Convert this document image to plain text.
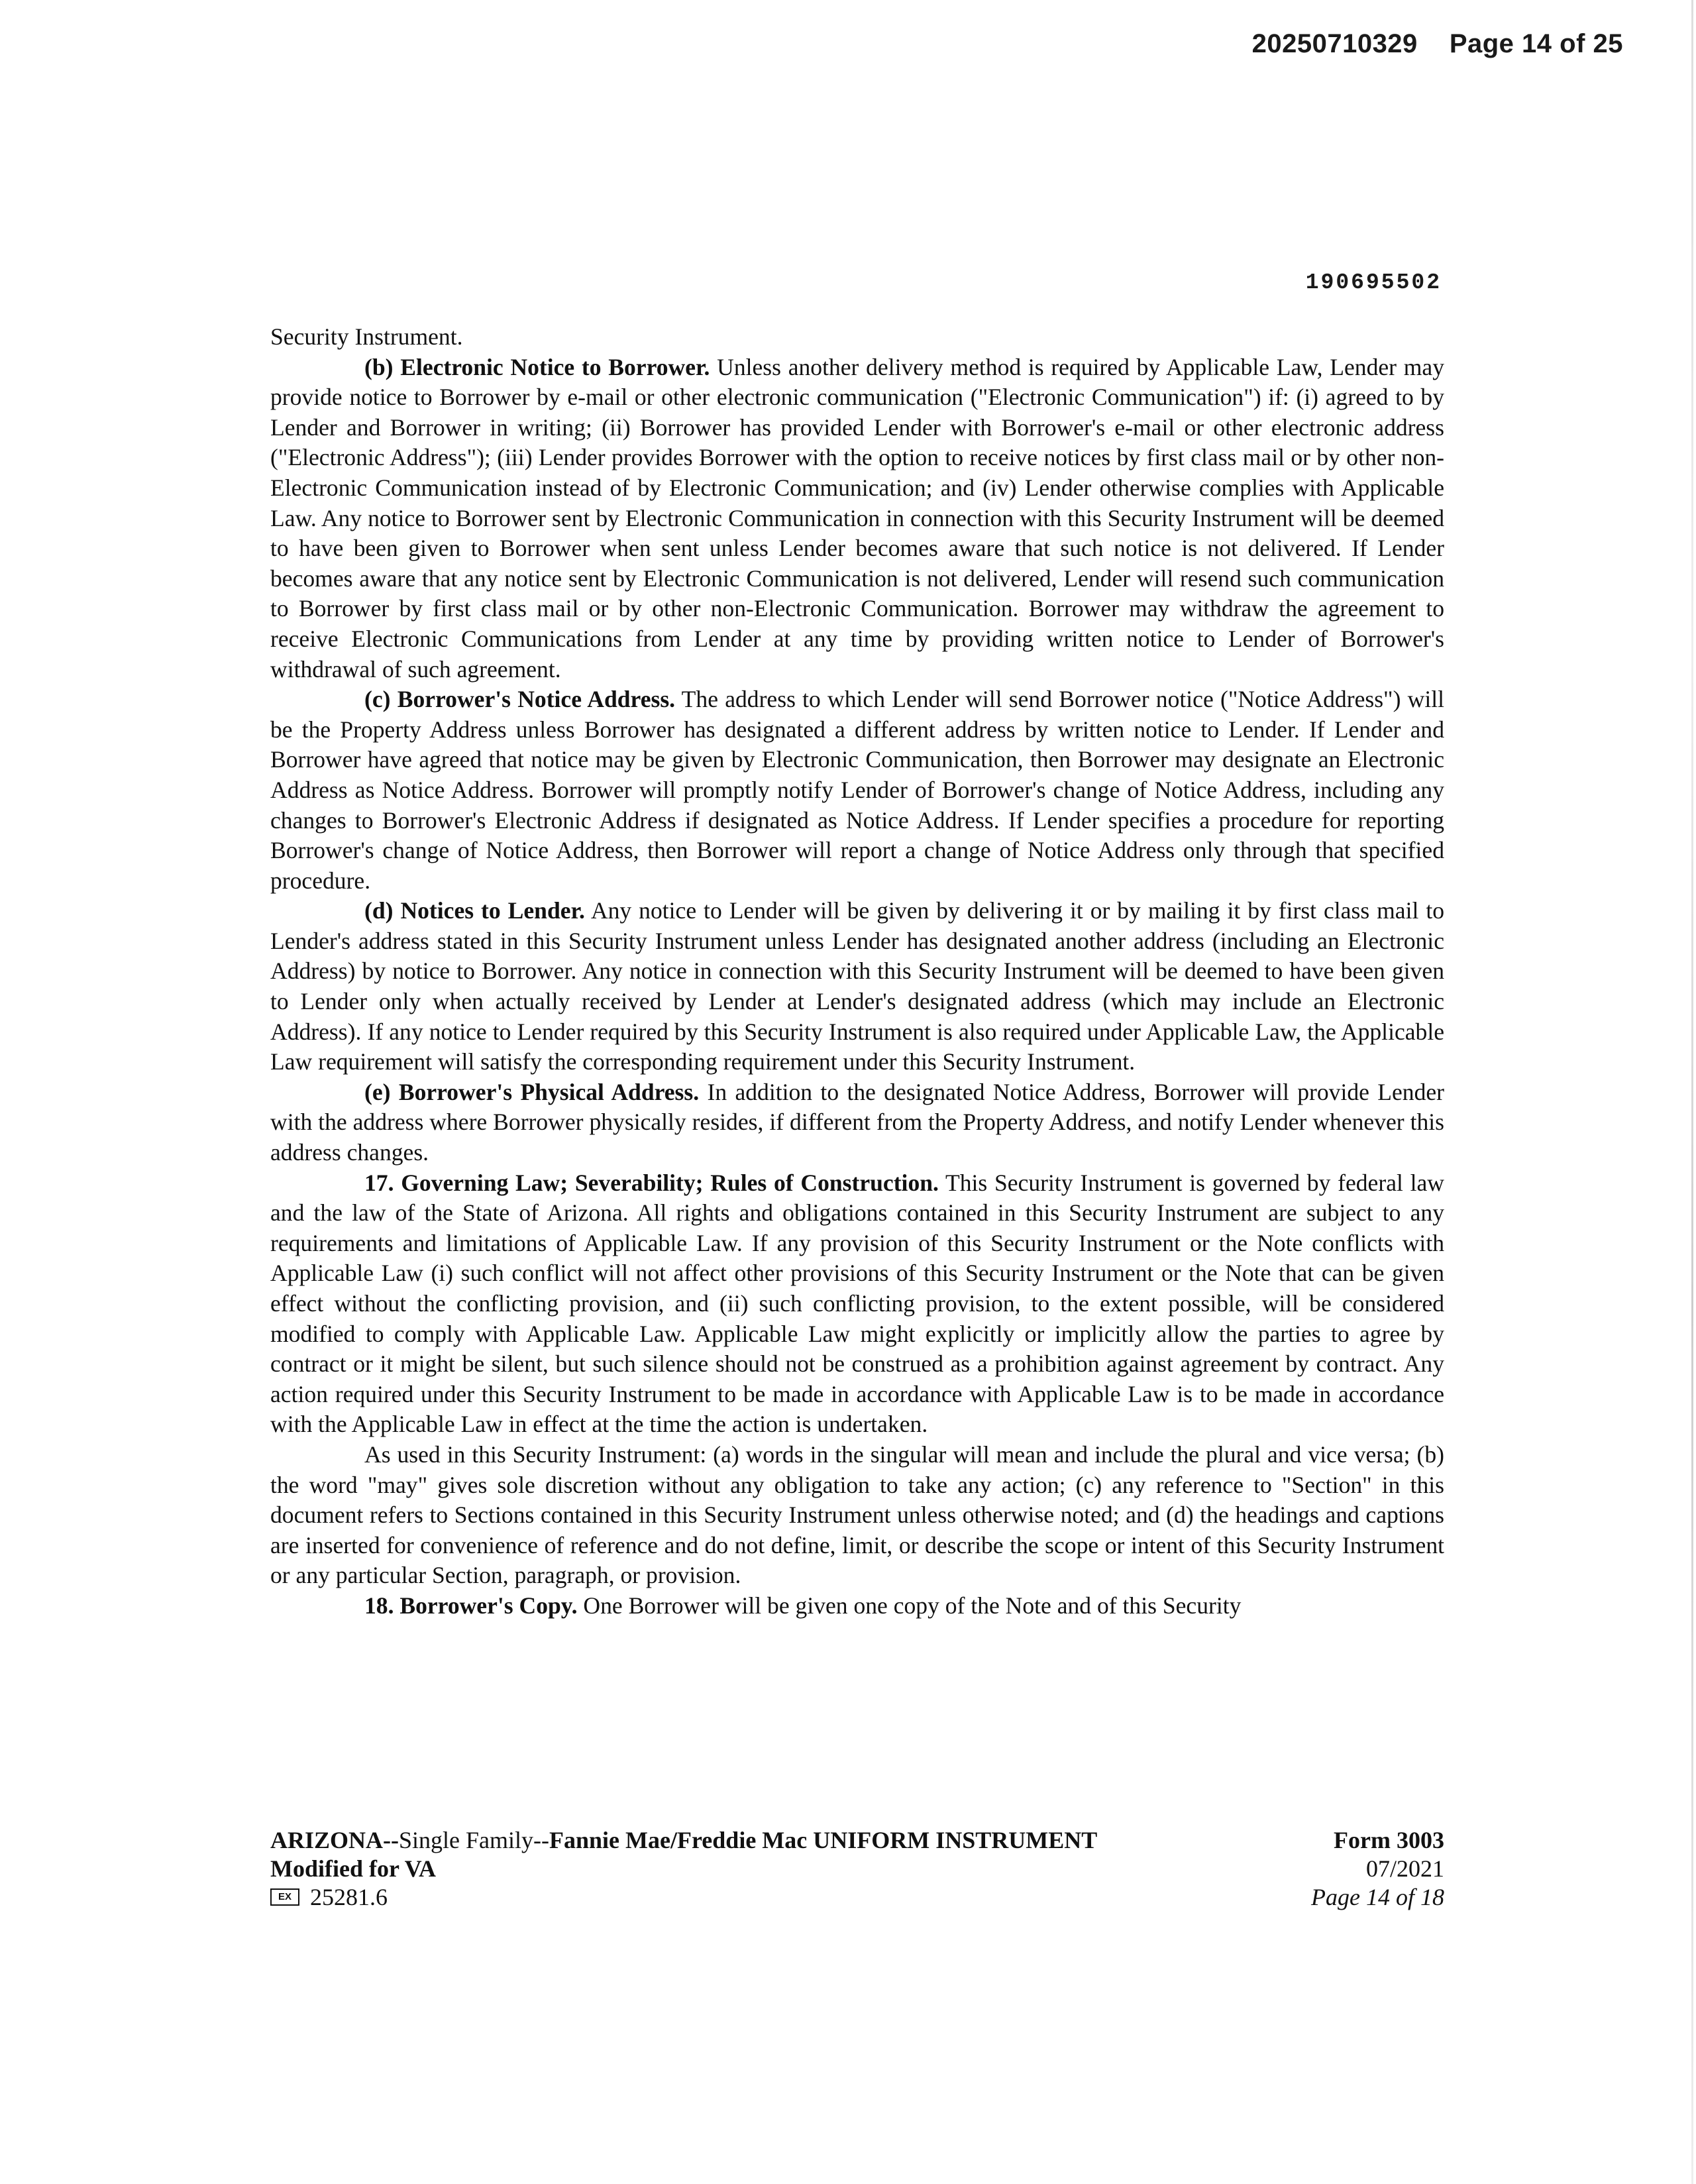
20250710329 Page 14 of 25
190695502

Security Instrument.

(b) Electronic Notice to Borrower. Unless another delivery method is required by Applicable Law, Lender may provide notice to Borrower by e-mail or other electronic communication ("Electronic Communication") if: (i) agreed to by Lender and Borrower in writing; (ii) Borrower has provided Lender with Borrower's e-mail or other electronic address ("Electronic Address"); (iii) Lender provides Borrower with the option to receive notices by first class mail or by other non-Electronic Communication instead of by Electronic Communication; and (iv) Lender otherwise complies with Applicable Law. Any notice to Borrower sent by Electronic Communication in connection with this Security Instrument will be deemed to have been given to Borrower when sent unless Lender becomes aware that such notice is not delivered. If Lender becomes aware that any notice sent by Electronic Communication is not delivered, Lender will resend such communication to Borrower by first class mail or by other non-Electronic Communication. Borrower may withdraw the agreement to receive Electronic Communications from Lender at any time by providing written notice to Lender of Borrower's withdrawal of such agreement.

(c) Borrower's Notice Address. The address to which Lender will send Borrower notice ("Notice Address") will be the Property Address unless Borrower has designated a different address by written notice to Lender. If Lender and Borrower have agreed that notice may be given by Electronic Communication, then Borrower may designate an Electronic Address as Notice Address. Borrower will promptly notify Lender of Borrower's change of Notice Address, including any changes to Borrower's Electronic Address if designated as Notice Address. If Lender specifies a procedure for reporting Borrower's change of Notice Address, then Borrower will report a change of Notice Address only through that specified procedure.

(d) Notices to Lender. Any notice to Lender will be given by delivering it or by mailing it by first class mail to Lender's address stated in this Security Instrument unless Lender has designated another address (including an Electronic Address) by notice to Borrower. Any notice in connection with this Security Instrument will be deemed to have been given to Lender only when actually received by Lender at Lender's designated address (which may include an Electronic Address). If any notice to Lender required by this Security Instrument is also required under Applicable Law, the Applicable Law requirement will satisfy the corresponding requirement under this Security Instrument.

(e) Borrower's Physical Address. In addition to the designated Notice Address, Borrower will provide Lender with the address where Borrower physically resides, if different from the Property Address, and notify Lender whenever this address changes.

17. Governing Law; Severability; Rules of Construction. This Security Instrument is governed by federal law and the law of the State of Arizona. All rights and obligations contained in this Security Instrument are subject to any requirements and limitations of Applicable Law. If any provision of this Security Instrument or the Note conflicts with Applicable Law (i) such conflict will not affect other provisions of this Security Instrument or the Note that can be given effect without the conflicting provision, and (ii) such conflicting provision, to the extent possible, will be considered modified to comply with Applicable Law. Applicable Law might explicitly or implicitly allow the parties to agree by contract or it might be silent, but such silence should not be construed as a prohibition against agreement by contract. Any action required under this Security Instrument to be made in accordance with Applicable Law is to be made in accordance with the Applicable Law in effect at the time the action is undertaken.

As used in this Security Instrument: (a) words in the singular will mean and include the plural and vice versa; (b) the word "may" gives sole discretion without any obligation to take any action; (c) any reference to "Section" in this document refers to Sections contained in this Security Instrument unless otherwise noted; and (d) the headings and captions are inserted for convenience of reference and do not define, limit, or describe the scope or intent of this Security Instrument or any particular Section, paragraph, or provision.

18. Borrower's Copy. One Borrower will be given one copy of the Note and of this Security

ARIZONA--Single Family--Fannie Mae/Freddie Mac UNIFORM INSTRUMENT
Modified for VA
EX 25281.6
Form 3003
07/2021
Page 14 of 18
